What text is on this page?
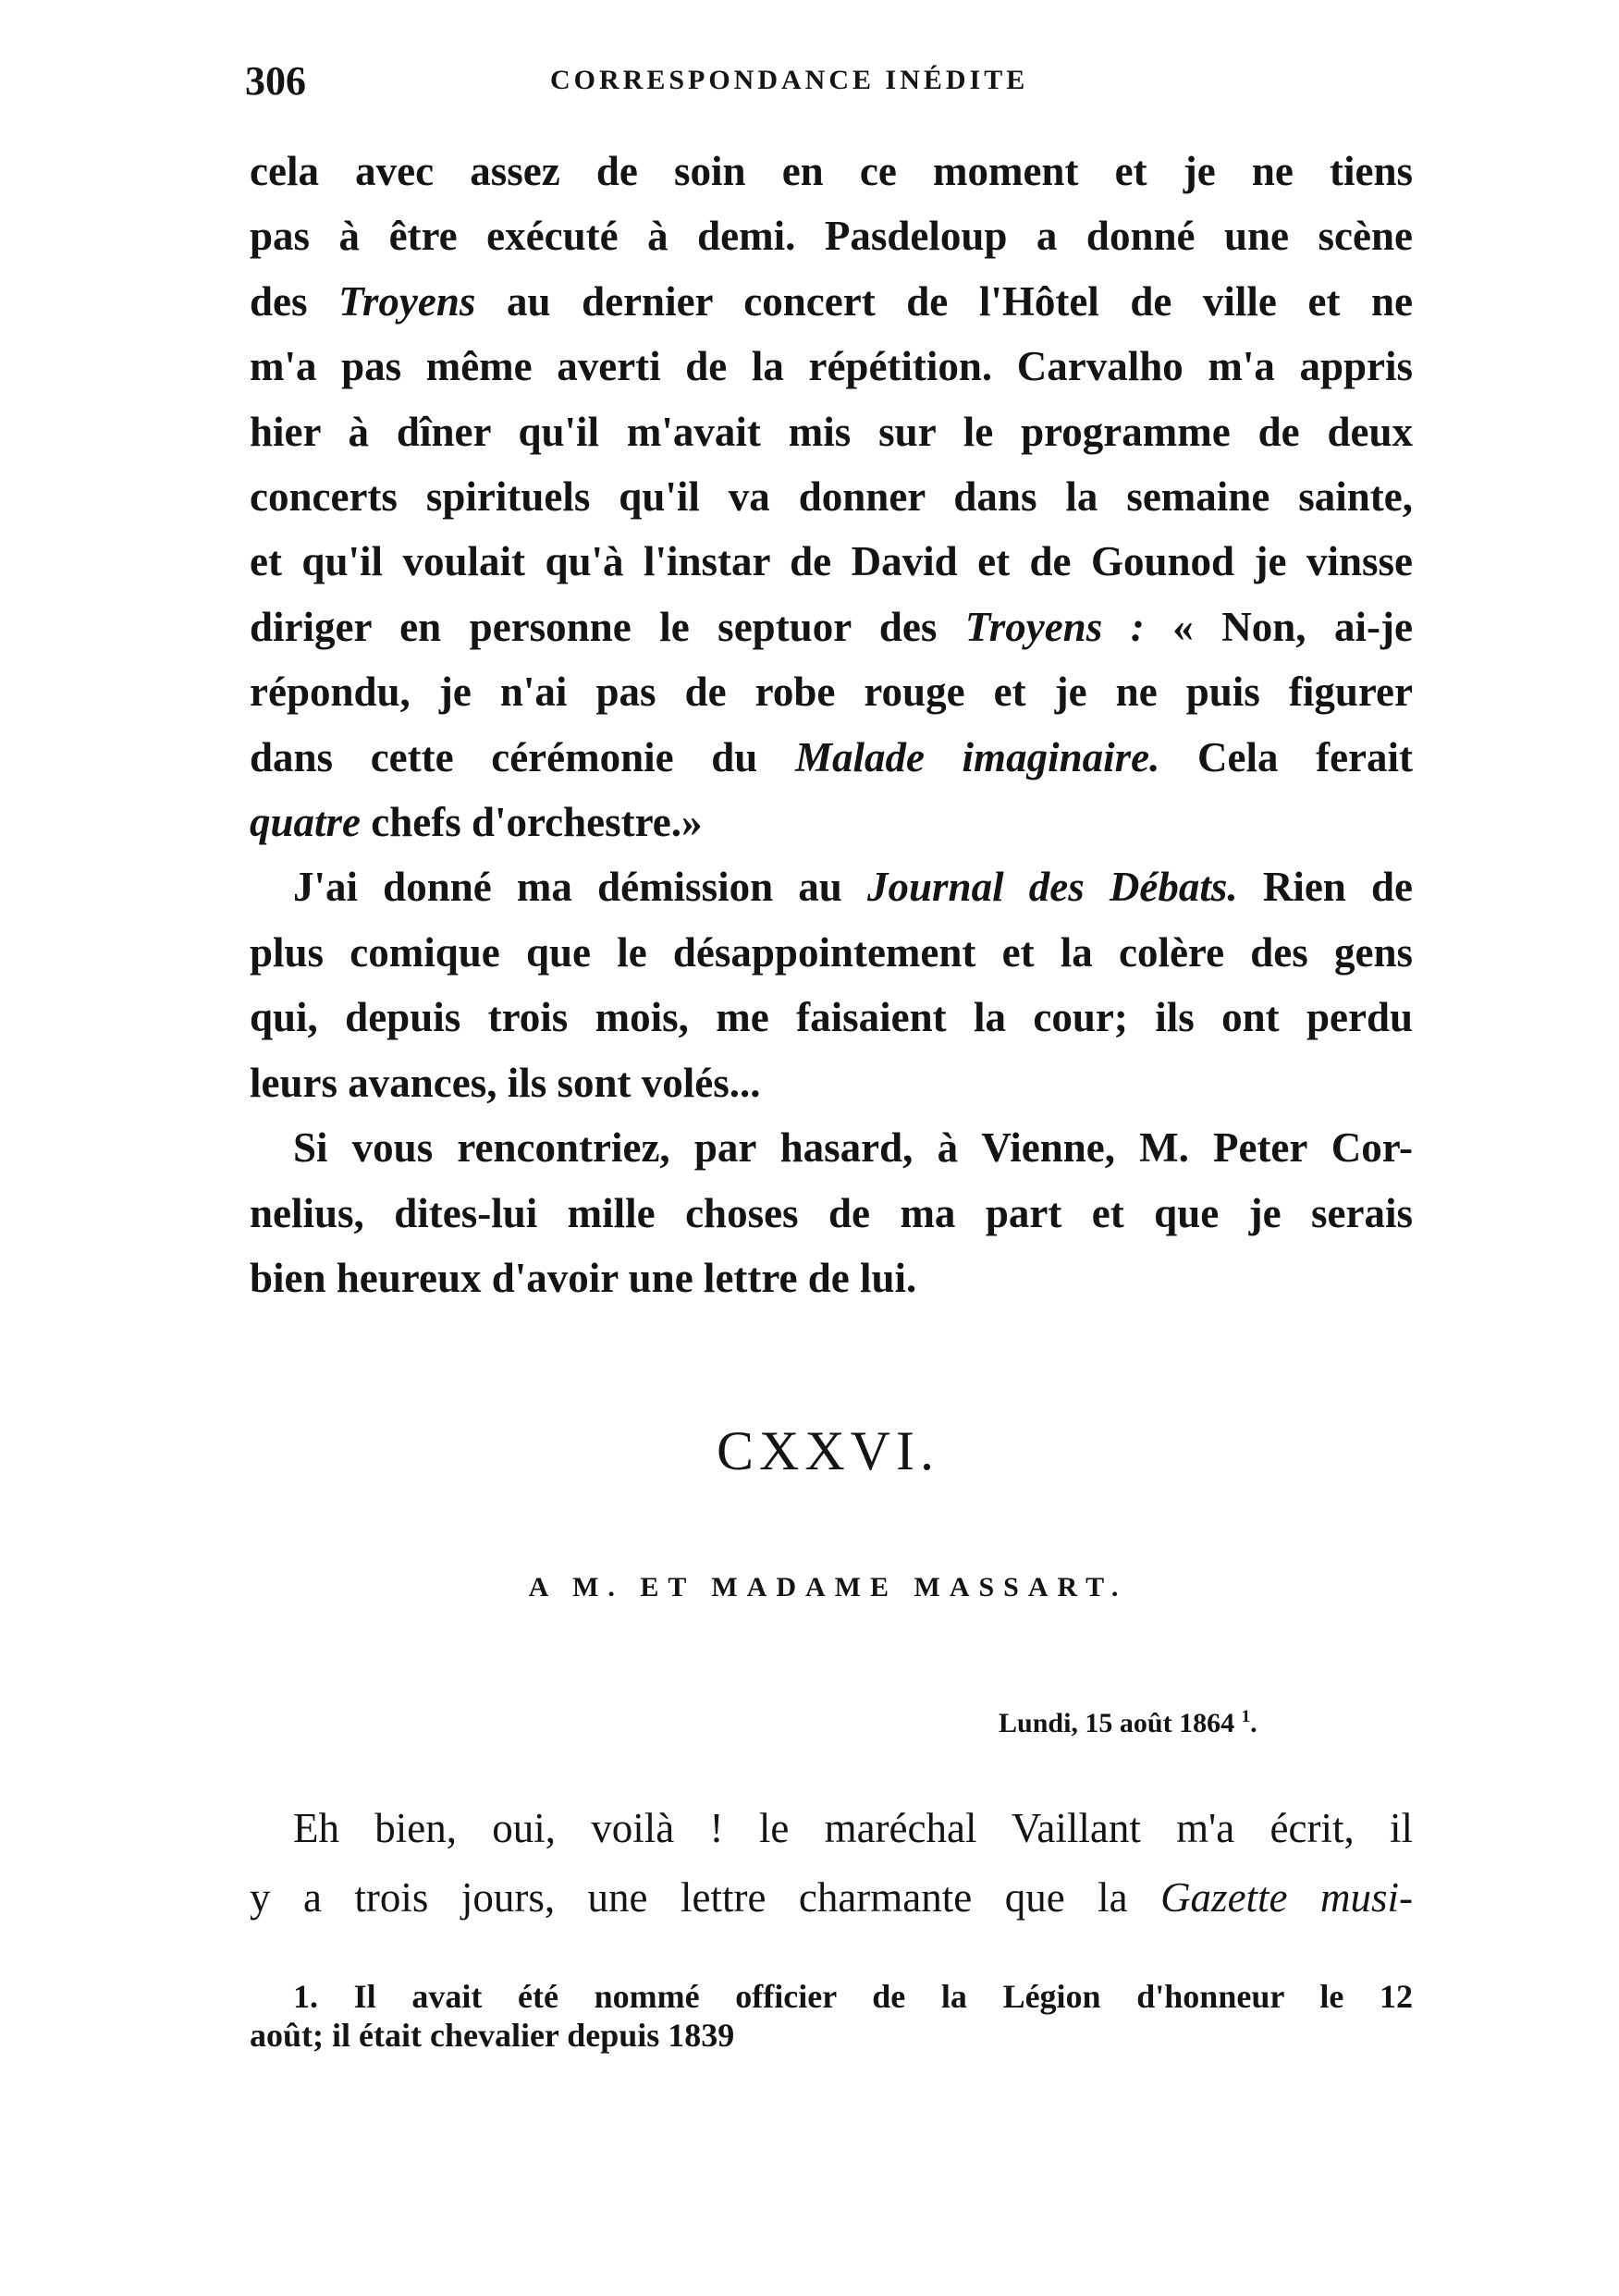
306	CORRESPONDANCE INÉDITE

cela avec assez de soin en ce moment et je ne tiens
pas à être exécuté à demi. Pasdeloup a donné une scène
des Troyens au dernier concert de l'Hôtel de ville et ne
m'a pas même averti de la répétition. Carvalho m'a appris
hier à dîner qu'il m'avait mis sur le programme de deux
concerts spirituels qu'il va donner dans la semaine sainte,
et qu'il voulait qu'à l'instar de David et de Gounod je vinsse
diriger en personne le septuor des Troyens : « Non, ai-je
répondu, je n'ai pas de robe rouge et je ne puis figurer
dans cette cérémonie du Malade imaginaire. Cela ferait
quatre chefs d'orchestre.»

J'ai donné ma démission au Journal des Débats. Rien de
plus comique que le désappointement et la colère des gens
qui, depuis trois mois, me faisaient la cour; ils ont perdu
leurs avances, ils sont volés...

Si vous rencontriez, par hasard, à Vienne, M. Peter Cor-
nelius, dites-lui mille choses de ma part et que je serais
bien heureux d'avoir une lettre de lui.

CXXVI.
A M. ET MADAME MASSART.
Lundi, 15 août 1864 $^1$.

Eh bien, oui, voilà ! le maréchal Vaillant m'a écrit, il
y a trois jours, une lettre charmante que la Gazette musi-

1. Il avait été nommé officier de la Légion d'honneur le 12
août; il était chevalier depuis 1839
